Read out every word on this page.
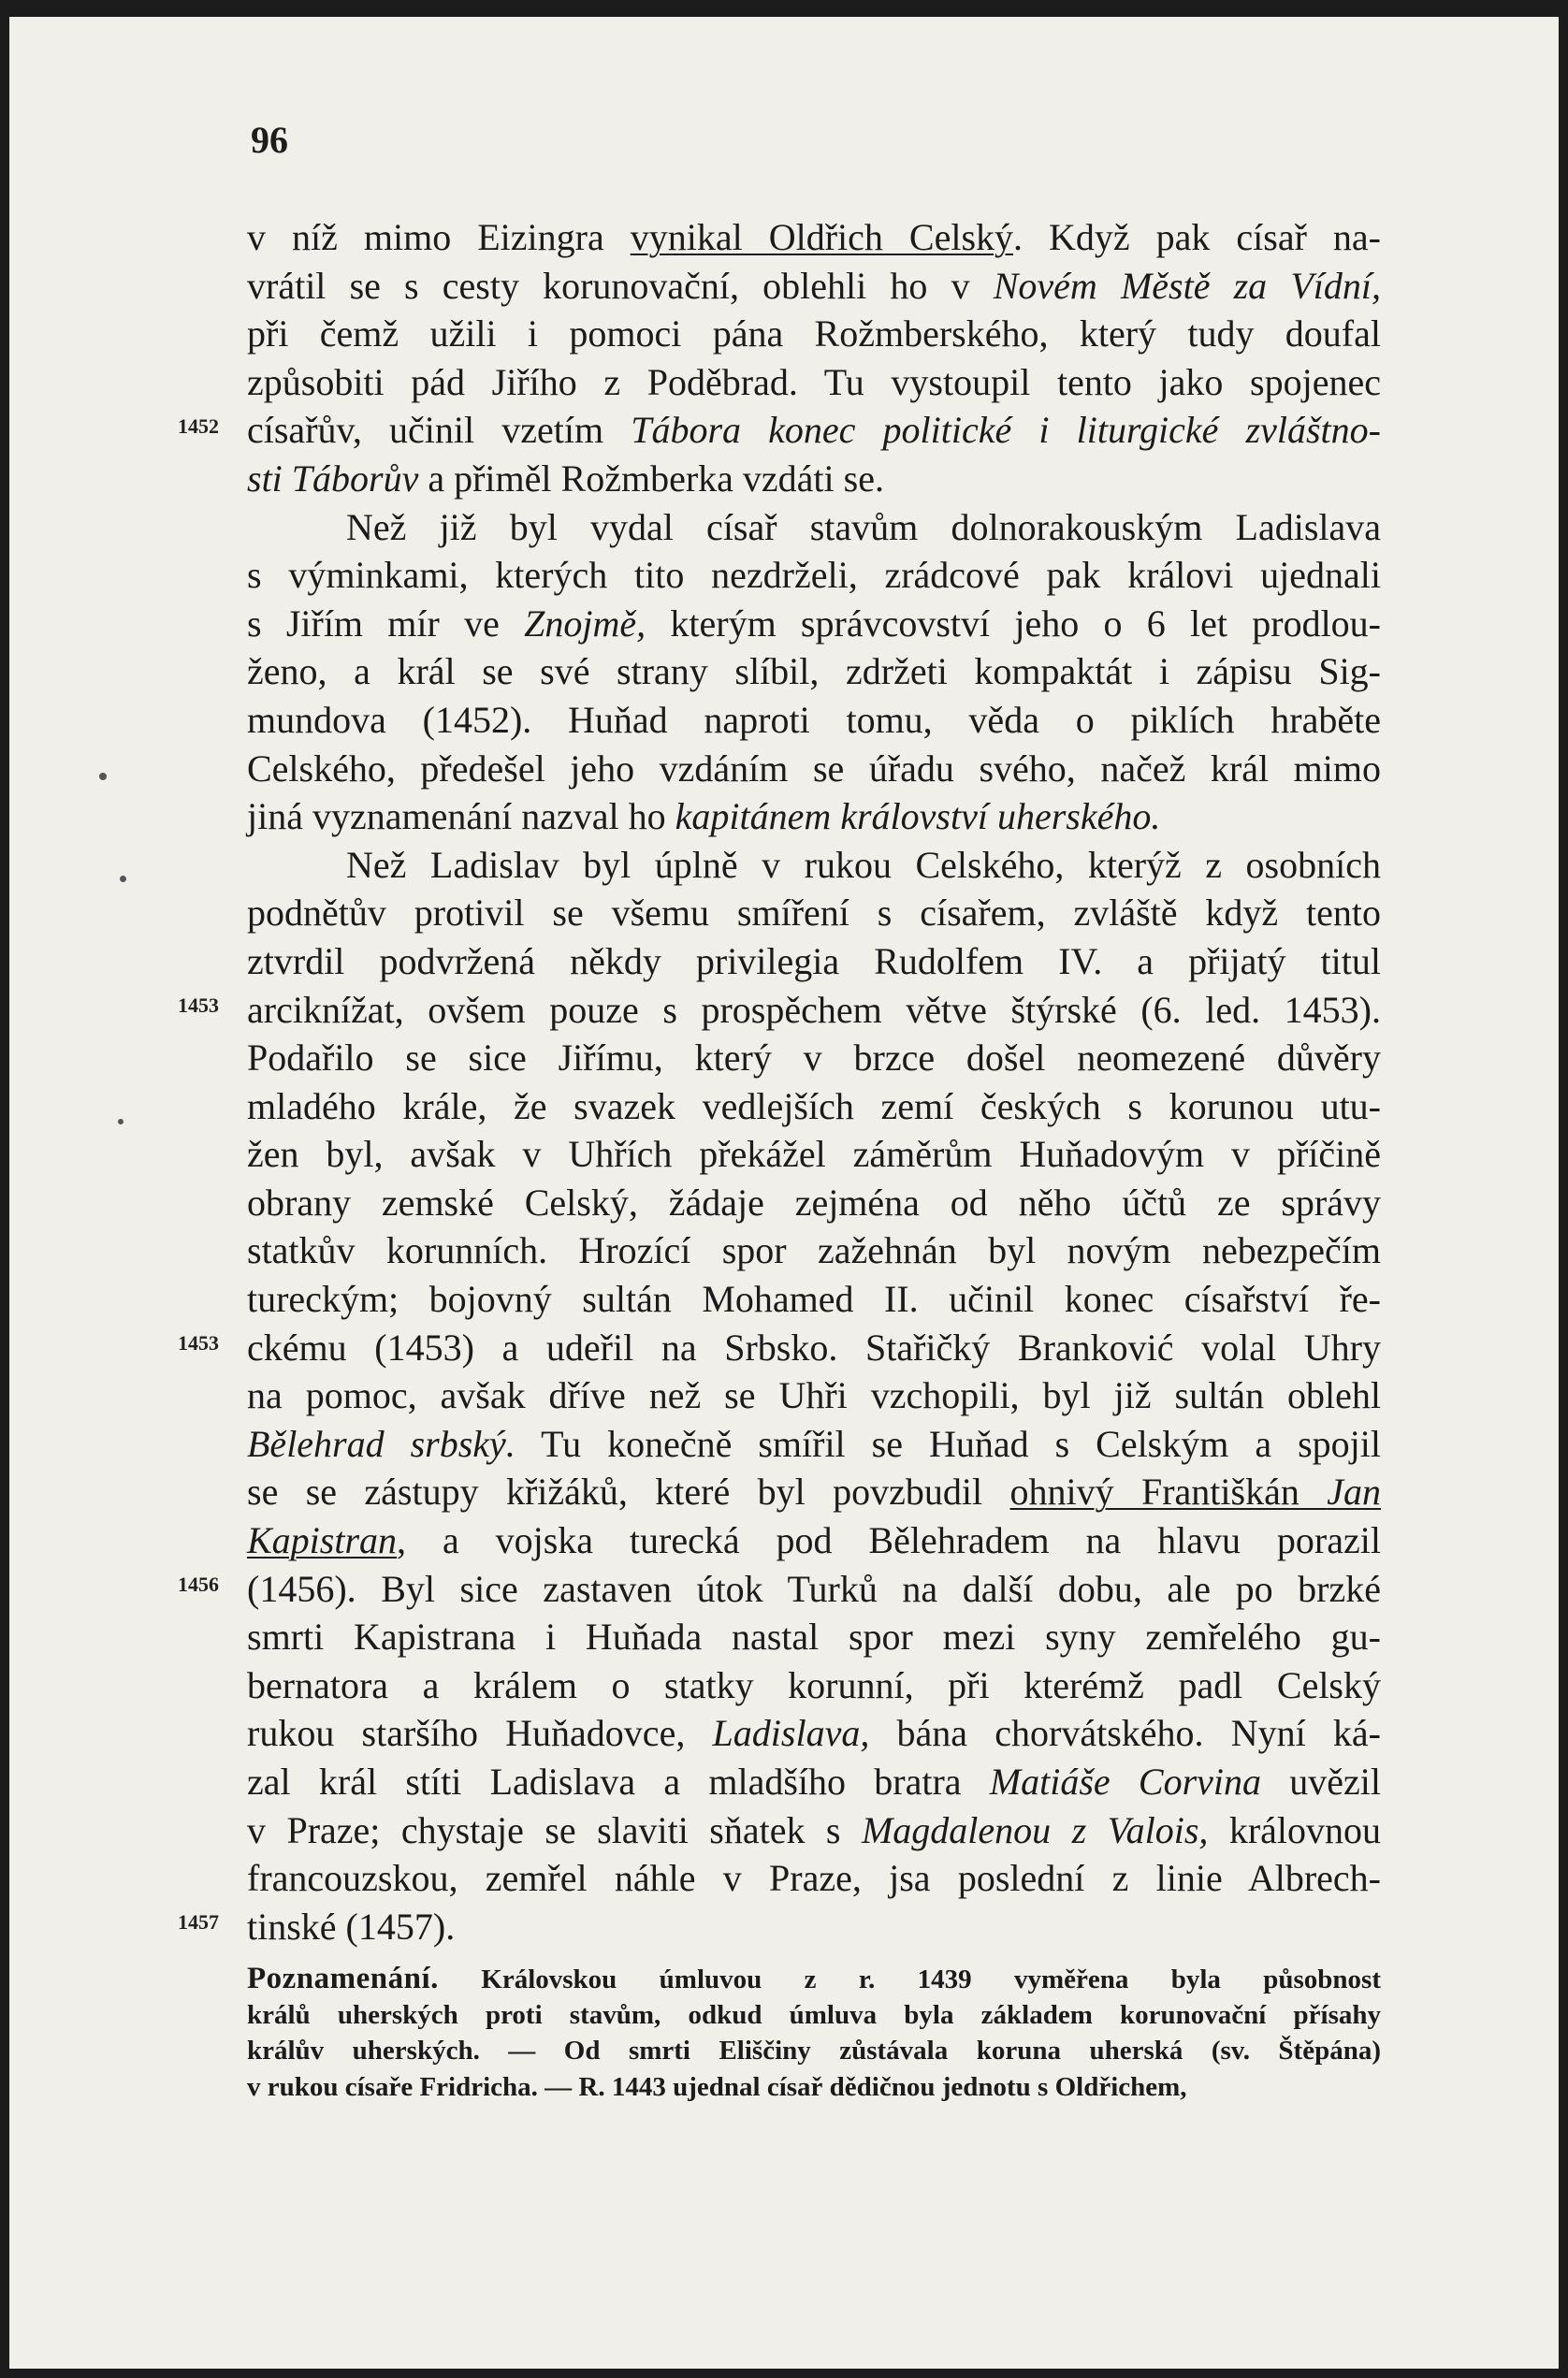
96
v níž mimo Eizingra vynikal Oldřich Celský. Když pak císař na-
vrátil se s cesty korunovační, oblehli ho v Novém Městě za Vídní,
při čemž užili i pomoci pána Rožmberského, který tudy doufal
způsobiti pád Jiřího z Poděbrad. Tu vystoupil tento jako spojenec
císařův, učinil vzetím Tábora konec politické i liturgické zvláštno-
sti Táborův a přiměl Rožmberka vzdáti se.
Než již byl vydal císař stavům dolnorakouským Ladislava
s výminkami, kterých tito nezdrželi, zrádcové pak královi ujednali
s Jiřím mír ve Znojmě, kterým správcovství jeho o 6 let prodlou-
ženo, a král se své strany slíbil, zdržeti kompaktát i zápisu Sig-
mundova (1452). Huňad naproti tomu, věda o piklích hraběte
Celského, předešel jeho vzdáním se úřadu svého, načež král mimo
jiná vyznamenání nazval ho kapitánem království uherského.
Než Ladislav byl úplně v rukou Celského, kterýž z osobních
podnětův protivil se všemu smíření s císařem, zvláště když tento
ztvrdil podvržená někdy privilegia Rudolfem IV. a přijatý titul
arciknížat, ovšem pouze s prospěchem větve štýrské (6. led. 1453).
Podařilo se sice Jiřímu, který v brzce došel neomezené důvěry
mladého krále, že svazek vedlejších zemí českých s korunou utu-
žen byl, avšak v Uhřích překážel záměrům Huňadovým v příčině
obrany zemské Celský, žádaje zejména od něho účtů ze správy
statkův korunních. Hrozící spor zažehnán byl novým nebezpečím
tureckým; bojovný sultán Mohamed II. učinil konec císařství ře-
ckému (1453) a udeřil na Srbsko. Stařičký Branković volal Uhry
na pomoc, avšak dříve než se Uhři vzchopili, byl již sultán oblehl
Bělehrad srbský. Tu konečně smířil se Huňad s Celským a spojil
se se zástupy křižáků, které byl povzbudil ohnivý Františkán Jan
Kapistran, a vojska turecká pod Bělehradem na hlavu porazil
(1456). Byl sice zastaven útok Turků na další dobu, ale po brzké
smrti Kapistrana i Huňada nastal spor mezi syny zemřelého gu-
bernatora a králem o statky korunní, při kterémž padl Celský
rukou staršího Huňadovce, Ladislava, bána chorvátského. Nyní ká-
zal král stíti Ladislava a mladšího bratra Matiáše Corvina uvězil
v Praze; chystaje se slaviti sňatek s Magdalenou z Valois, královnou
francouzskou, zemřel náhle v Praze, jsa poslední z linie Albrech-
tinské (1457).
1452
1453
1453
1456
1457
Poznamenání. Královskou úmluvou z r. 1439 vyměřena byla působnost
králů uherských proti stavům, odkud úmluva byla základem korunovační přísahy
králův uherských. — Od smrti Eliščiny zůstávala koruna uherská (sv. Štěpána)
v rukou císaře Fridricha. — R. 1443 ujednal císař dědičnou jednotu s Oldřichem,
